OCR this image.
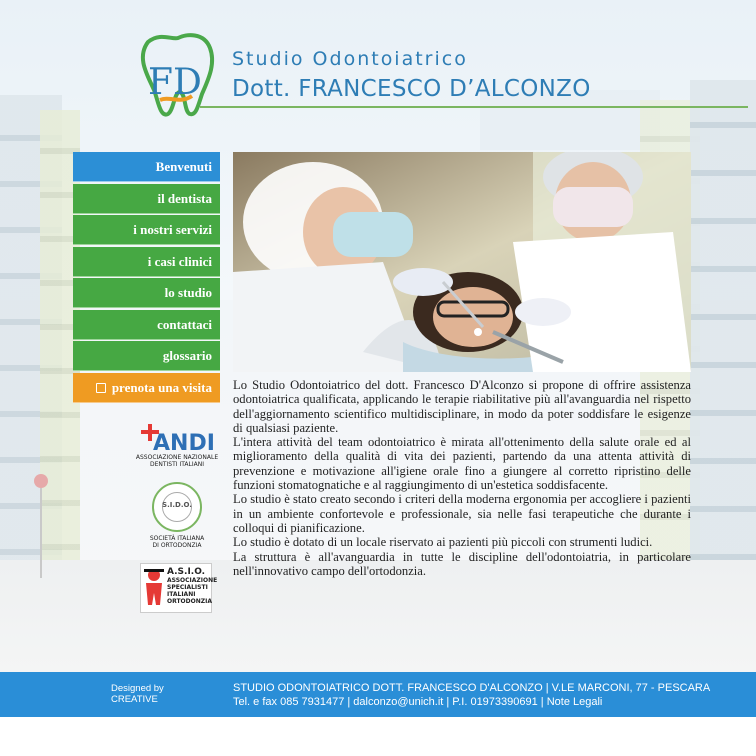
FD
Studio Odontoiatrico
Dott. FRANCESCO D’ALCONZO
Benvenuti
il dentista
i nostri servizi
i casi clinici
lo studio
contattaci
glossario
prenota una visita
ANDI
ASSOCIAZIONE NAZIONALE
DENTISTI ITALIANI
S.I.D.O.
SOCIETÀ ITALIANA
DI ORTODONZIA
A.S.I.O.
ASSOCIAZIONE
SPECIALISTI
ITALIANI
ORTODONZIA

Lo Studio Odontoiatrico del dott. Francesco D'Alconzo si propone di offrire assistenza odontoiatrica qualificata, applicando le terapie riabilitative più all'avanguardia nel rispetto dell'aggiornamento scientifico multidisciplinare, in modo da poter soddisfare le esigenze di qualsiasi paziente.

L'intera attività del team odontoiatrico è mirata all'ottenimento della salute orale ed al miglioramento della qualità di vita dei pazienti, partendo da una attenta attività di prevenzione e motivazione all'igiene orale fino a giungere al corretto ripristino delle funzioni stomatognatiche e al raggiungimento di un'estetica soddisfacente.

Lo studio è stato creato secondo i criteri della moderna ergonomia per accogliere i pazienti in un ambiente confortevole e professionale, sia nelle fasi terapeutiche che durante i colloqui di pianificazione.

Lo studio è dotato di un locale riservato ai pazienti più piccoli con strumenti ludici.

La struttura è all'avanguardia in tutte le discipline dell'odontoiatria, in particolare nell'innovativo campo dell'ortodonzia.

Designed by
CREATIVE
STUDIO ODONTOIATRICO DOTT. FRANCESCO D'ALCONZO | V.LE MARCONI, 77 - PESCARA
Tel. e fax 085 7931477 | dalconzo@unich.it | P.I. 01973390691 | Note Legali
